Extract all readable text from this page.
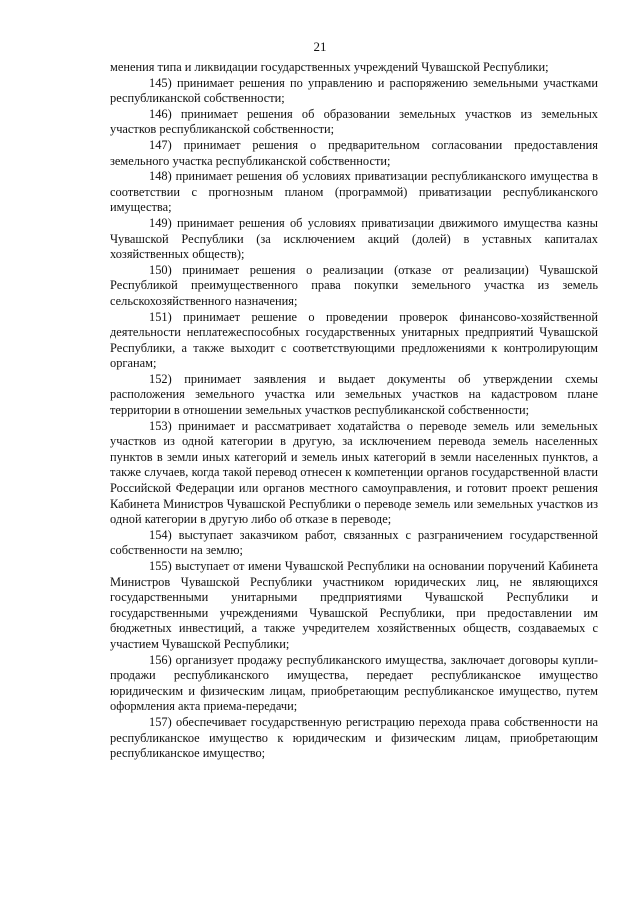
21

менения типа и ликвидации государственных учреждений Чувашской Республики;

145) принимает решения по управлению и распоряжению земельными участками республиканской собственности;

146) принимает решения об образовании земельных участков из земельных участков республиканской собственности;

147) принимает решения о предварительном согласовании предоставления земельного участка республиканской собственности;

148) принимает решения об условиях приватизации республиканского имущества в соответствии с прогнозным планом (программой) приватизации республиканского имущества;

149) принимает решения об условиях приватизации движимого имущества казны Чувашской Республики (за исключением акций (долей) в уставных капиталах хозяйственных обществ);

150) принимает решения о реализации (отказе от реализации) Чувашской Республикой преимущественного права покупки земельного участка из земель сельскохозяйственного назначения;

151) принимает решение о проведении проверок финансово-хозяйственной деятельности неплатежеспособных государственных унитарных предприятий Чувашской Республики, а также выходит с соответствующими предложениями к контролирующим органам;

152) принимает заявления и выдает документы об утверждении схемы расположения земельного участка или земельных участков на кадастровом плане территории в отношении земельных участков республиканской собственности;

153) принимает и рассматривает ходатайства о переводе земель или земельных участков из одной категории в другую, за исключением перевода земель населенных пунктов в земли иных категорий и земель иных категорий в земли населенных пунктов, а также случаев, когда такой перевод отнесен к компетенции органов государственной власти Российской Федерации или органов местного самоуправления, и готовит проект решения Кабинета Министров Чувашской Республики о переводе земель или земельных участков из одной категории в другую либо об отказе в переводе;

154) выступает заказчиком работ, связанных с разграничением государственной собственности на землю;

155) выступает от имени Чувашской Республики на основании поручений Кабинета Министров Чувашской Республики участником юридических лиц, не являющихся государственными унитарными предприятиями Чувашской Республики и государственными учреждениями Чувашской Республики, при предоставлении им бюджетных инвестиций, а также учредителем хозяйственных обществ, создаваемых с участием Чувашской Республики;

156) организует продажу республиканского имущества, заключает договоры купли-продажи республиканского имущества, передает республиканское имущество юридическим и физическим лицам, приобретающим республиканское имущество, путем оформления акта приема-передачи;

157) обеспечивает государственную регистрацию перехода права собственности на республиканское имущество к юридическим и физическим лицам, приобретающим республиканское имущество;
